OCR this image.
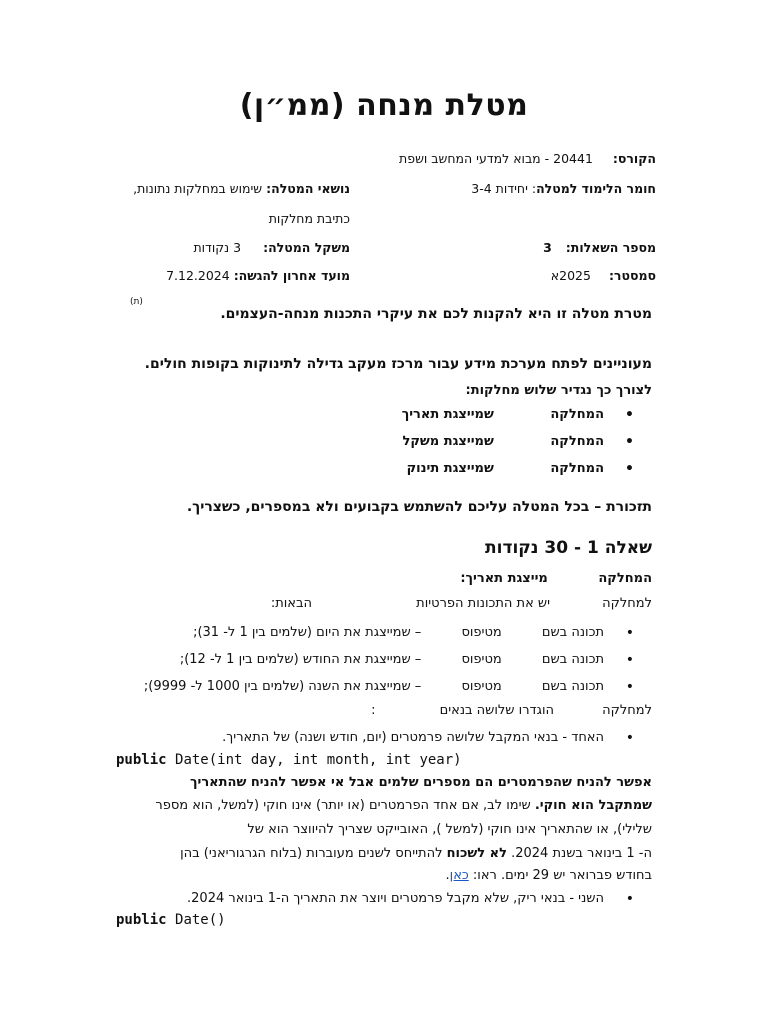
מטלת מנחה (ממ״ן)
הקורס: 20441 - מבוא למדעי המחשב ושפת
חומר הלימוד למטלה: יחידות 3-4
נושאי המטלה: שימוש במחלקות נתונות,
כתיבת מחלקות
מספר השאלות: 3
משקל המטלה: 3 נקודות
סמסטר: 2025א
מועד אחרון להגשה: 7.12.2024
(ת)
מטרת מטלה זו היא להקנות לכם את עיקרי התכנות מנחה-העצמים.
מעוניינים לפתח מערכת מידע עבור מרכז מעקב גדילה לתינוקות בקופות חולים.
לצורך כך נגדיר שלוש מחלקות:
• המחלקה שמייצגת תאריך
• המחלקה שמייצגת משקל
• המחלקה שמייצגת תינוק
תזכורת – בכל המטלה עליכם להשתמש בקבועים ולא במספרים, כשצריך.
שאלה 1 - 30 נקודות
המחלקה מייצגת תאריך:
למחלקה יש את התכונות הפרטיות הבאות:
• תכונה בשם מטיפוס – שמייצגת את היום (שלמים בין 1 ל- 31);
• תכונה בשם מטיפוס – שמייצגת את החודש (שלמים בין 1 ל- 12);
• תכונה בשם מטיפוס – שמייצגת את השנה (שלמים בין 1000 ל- 9999);
למחלקה הוגדרו שלושה בנאים :
• האחד - בנאי המקבל שלושה פרמטרים (יום, חודש ושנה) של התאריך.
public Date(int day, int month, int year)
אפשר להניח שהפרמטרים הם מספרים שלמים אבל אי אפשר להניח שהתאריך
שמתקבל הוא חוקי. שימו לב, אם אחד הפרמטרים (או יותר) אינו חוקי (למשל, הוא מספר
שלילי), או שהתאריך אינו חוקי (למשל ), האובייקט שצריך להיווצר הוא של
ה- 1 בינואר בשנת 2024. לא לשכוח להתייחס לשנים מעוברות (בלוח הגרגוריאני) בהן
בחודש פברואר יש 29 ימים. ראו: כאן.
• השני - בנאי ריק, שלא מקבל פרמטרים ויוצר את התאריך ה-1 בינואר 2024.
public Date()
